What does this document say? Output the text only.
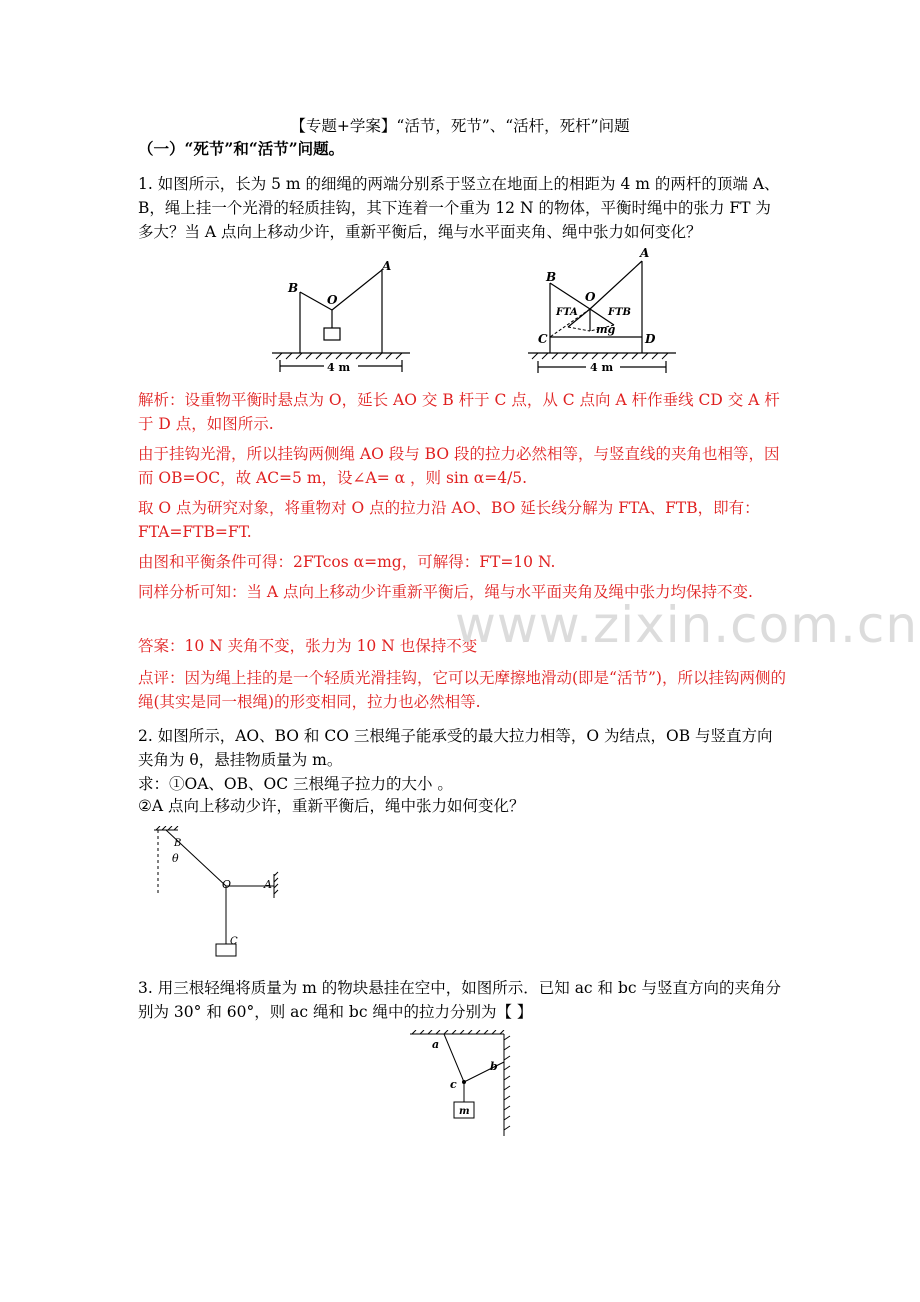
【专题+学案】“活节，死节”、“活杆，死杆”问题
（一）“死节”和“活节”问题。
1. 如图所示，长为 5 m 的细绳的两端分别系于竖立在地面上的相距为 4 m 的两杆的顶端 A、B，绳上挂一个光滑的轻质挂钩，其下连着一个重为 12 N 的物体，平衡时绳中的张力 FT 为多大？当 A 点向上移动少许，重新平衡后，绳与水平面夹角、绳中张力如何变化？
B
A
O
4 m
B
A
O
C	D
FTA	FTB
mg
4 m
解析：设重物平衡时悬点为 O，延长 AO 交 B 杆于 C 点，从 C 点向 A 杆作垂线 CD 交 A 杆于 D 点，如图所示.
由于挂钩光滑，所以挂钩两侧绳 AO 段与 BO 段的拉力必然相等，与竖直线的夹角也相等，因而 OB=OC，故 AC=5 m，设∠A= α ，则 sin α=4/5.
取 O 点为研究对象，将重物对 O 点的拉力沿 AO、BO 延长线分解为 FTA、FTB，即有：FTA=FTB=FT.
由图和平衡条件可得：2FTcos α=mg，可解得：FT=10 N.
同样分析可知：当 A 点向上移动少许重新平衡后，绳与水平面夹角及绳中张力均保持不变.
答案：10 N 夹角不变，张力为 10 N 也保持不变
点评：因为绳上挂的是一个轻质光滑挂钩，它可以无摩擦地滑动(即是“活节”)，所以挂钩两侧的绳(其实是同一根绳)的形变相同，拉力也必然相等.
www.zixin.com.cn
2. 如图所示，AO、BO 和 CO 三根绳子能承受的最大拉力相等，O 为结点，OB 与竖直方向夹角为 θ，悬挂物质量为 m。
求：①OA、OB、OC 三根绳子拉力的大小 。
②A 点向上移动少许，重新平衡后，绳中张力如何变化？
B
θ
O	A
C
3. 用三根轻绳将质量为 m 的物块悬挂在空中，如图所示．已知 ac 和 bc 与竖直方向的夹角分别为 30° 和 60°，则 ac 绳和 bc 绳中的拉力分别为【 】
a
b
c
m
